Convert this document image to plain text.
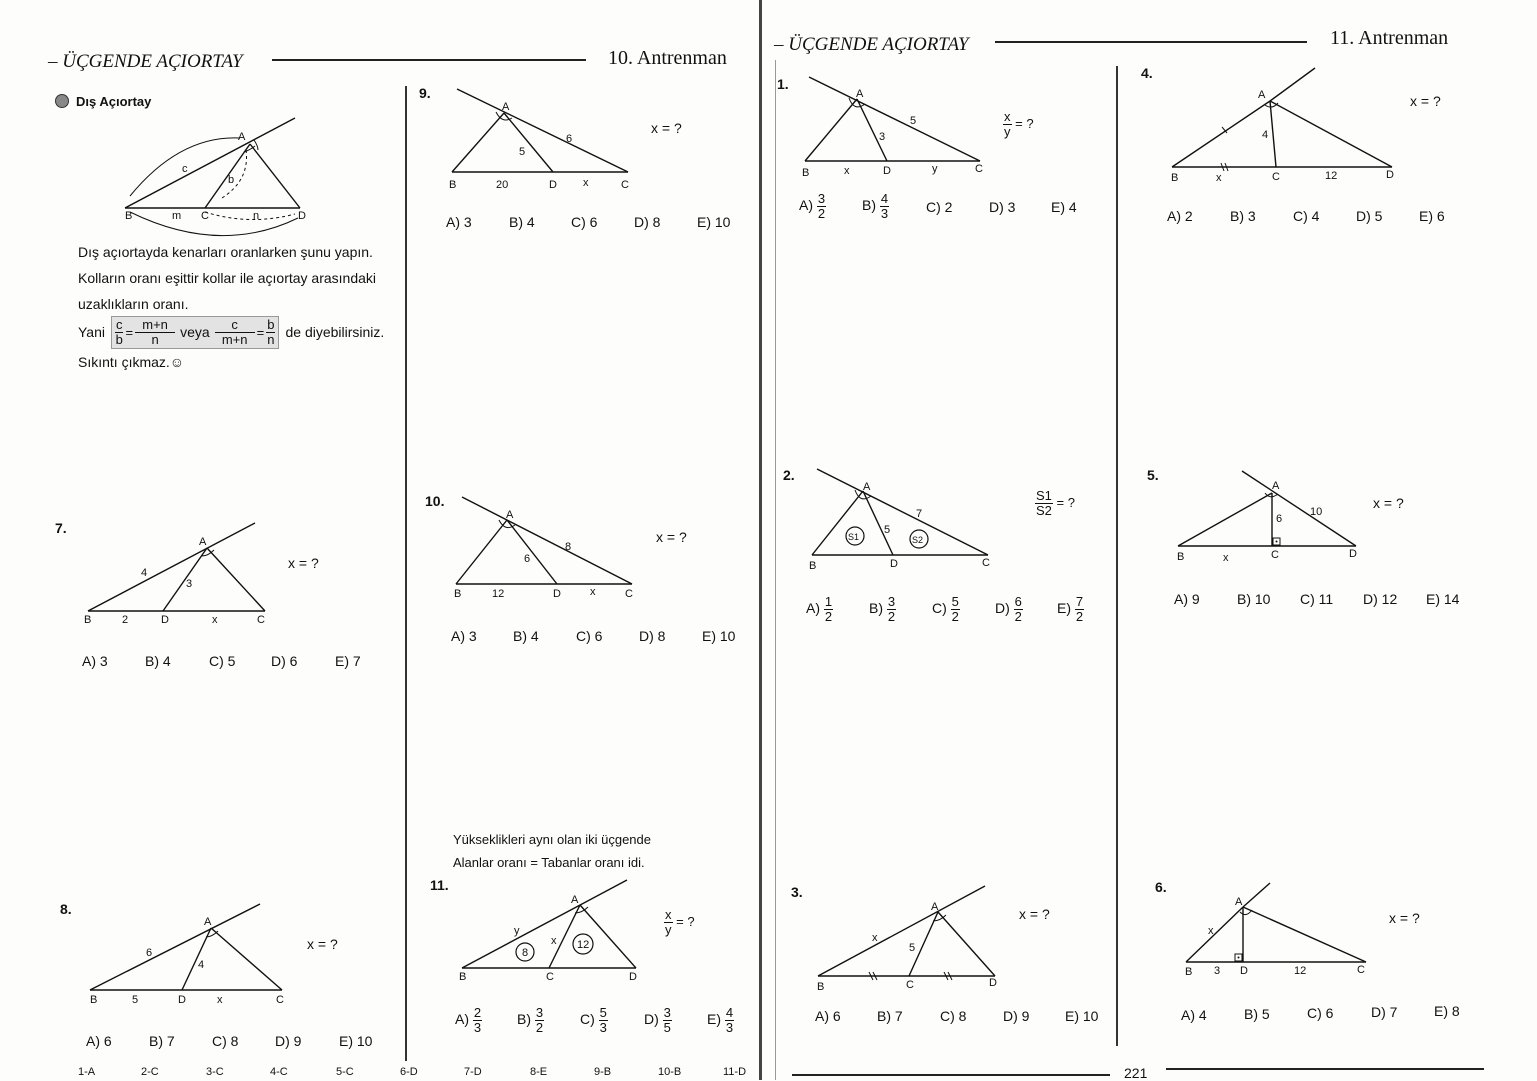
– ÜÇGENDE AÇIORTAY	10. Antrenman
Dış Açıortay
A
B	C	D
c
b
m	n
Dış açıortayda kenarları oranlarken şunu yapın.
Kolların oranı eşittir kollar ile açıortay arasındaki
uzaklıkların oranı.
Yani $\frac{c}{b} = \frac{m+n}{n}$ veya $\frac{c}{m+n} = \frac{b}{n}$ de diyebilirsiniz.
Sıkıntı çıkmaz.☺
7.
x = ?
A
B	D	C
4
3
2	x
A) 3	B) 4	C) 5	D) 6	E) 7
8.
x = ?
A
B	D	C
6
4
5	x
A) 6	B) 7	C) 8	D) 9	E) 10
9.
x = ?
A
B	D	C
5
6
20	x
A) 3	B) 4	C) 6	D) 8	E) 10
10.
x = ?
A
B	D	C
6
8
12	x
A) 3	B) 4	C) 6	D) 8	E) 10
Yükseklikleri aynı olan iki üçgende
Alanlar oranı = Tabanlar oranı idi.
11.
$\frac{x}{y}$ = ?
A
B	C	D
y
x
8
12
$A) \frac{2}{3} B) \frac{3}{2}$	$C) \frac{5}{3}$	$D) \frac{3}{5}$	$E) \frac{4}{3}$
1-A	2-C	3-C	4-C	5-C	6-D	7-D	8-E	9-B	10-B	11-D
– ÜÇGENDE AÇIORTAY	11. Antrenman
1.
$\frac{x}{y}$ = ?
A
B	D	C
3
5
x	y
$A) \frac{3}{2}$	$B) \frac{4}{3}$	C) 2	D) 3	E) 4
2.
$\frac{S1}{S2}$ = ?
A
B	D	C
5
7
S1	S2
$A) \frac{1}{2}$	$B) \frac{3}{2}$	$C) \frac{5}{2}$	$D) \frac{6}{2} E) \frac{7}{2}$
3.
x = ?
A
B	C	D
x
5
A) 6	B) 7	C) 8	D) 9	E) 10
4.
x = ?
A
B	C	D
4
x	12
A) 2	B) 3	C) 4	D) 5	E) 6
5.
x = ?
A
B	C	D
6
10
x
A) 9	B) 10 C) 11 D) 12 E) 14
6.
x = ?
A
B	D	C
x
3	12
A) 4	B) 5	C) 6	D) 7	E) 8
221
